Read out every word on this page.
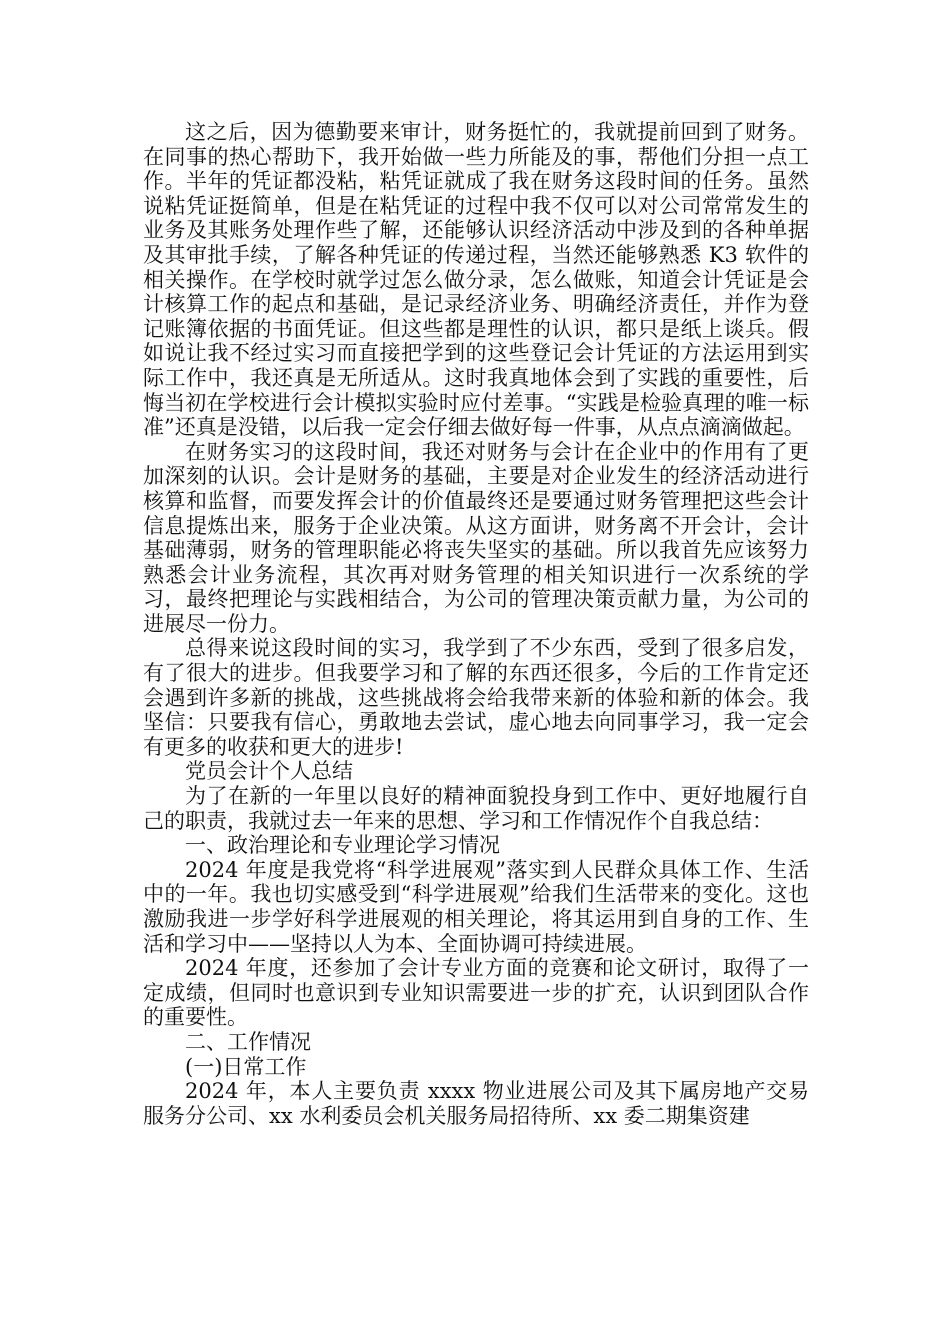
这之后，因为德勤要来审计，财务挺忙的，我就提前回到了财务。在同事的热心帮助下，我开始做一些力所能及的事，帮他们分担一点工作。半年的凭证都没粘，粘凭证就成了我在财务这段时间的任务。虽然说粘凭证挺简单，但是在粘凭证的过程中我不仅可以对公司常常发生的业务及其账务处理作些了解，还能够认识经济活动中涉及到的各种单据及其审批手续，了解各种凭证的传递过程，当然还能够熟悉 K3 软件的相关操作。在学校时就学过怎么做分录，怎么做账，知道会计凭证是会计核算工作的起点和基础，是记录经济业务、明确经济责任，并作为登记账簿依据的书面凭证。但这些都是理性的认识，都只是纸上谈兵。假如说让我不经过实习而直接把学到的这些登记会计凭证的方法运用到实际工作中，我还真是无所适从。这时我真地体会到了实践的重要性，后悔当初在学校进行会计模拟实验时应付差事。“实践是检验真理的唯一标准”还真是没错，以后我一定会仔细去做好每一件事，从点点滴滴做起。

在财务实习的这段时间，我还对财务与会计在企业中的作用有了更加深刻的认识。会计是财务的基础，主要是对企业发生的经济活动进行核算和监督，而要发挥会计的价值最终还是要通过财务管理把这些会计信息提炼出来，服务于企业决策。从这方面讲，财务离不开会计，会计基础薄弱，财务的管理职能必将丧失坚实的基础。所以我首先应该努力熟悉会计业务流程，其次再对财务管理的相关知识进行一次系统的学习，最终把理论与实践相结合，为公司的管理决策贡献力量，为公司的进展尽一份力。

总得来说这段时间的实习，我学到了不少东西，受到了很多启发，有了很大的进步。但我要学习和了解的东西还很多，今后的工作肯定还会遇到许多新的挑战，这些挑战将会给我带来新的体验和新的体会。我坚信：只要我有信心，勇敢地去尝试，虚心地去向同事学习，我一定会有更多的收获和更大的进步!

党员会计个人总结

为了在新的一年里以良好的精神面貌投身到工作中、更好地履行自己的职责，我就过去一年来的思想、学习和工作情况作个自我总结：

一、政治理论和专业理论学习情况

2024 年度是我党将“科学进展观”落实到人民群众具体工作、生活中的一年。我也切实感受到“科学进展观”给我们生活带来的变化。这也激励我进一步学好科学进展观的相关理论，将其运用到自身的工作、生活和学习中——坚持以人为本、全面协调可持续进展。

2024 年度，还参加了会计专业方面的竞赛和论文研讨，取得了一定成绩，但同时也意识到专业知识需要进一步的扩充，认识到团队合作的重要性。

二、工作情况

(一)日常工作

2024 年，本人主要负责 xxxx 物业进展公司及其下属房地产交易服务分公司、xx 水利委员会机关服务局招待所、xx 委二期集资建
